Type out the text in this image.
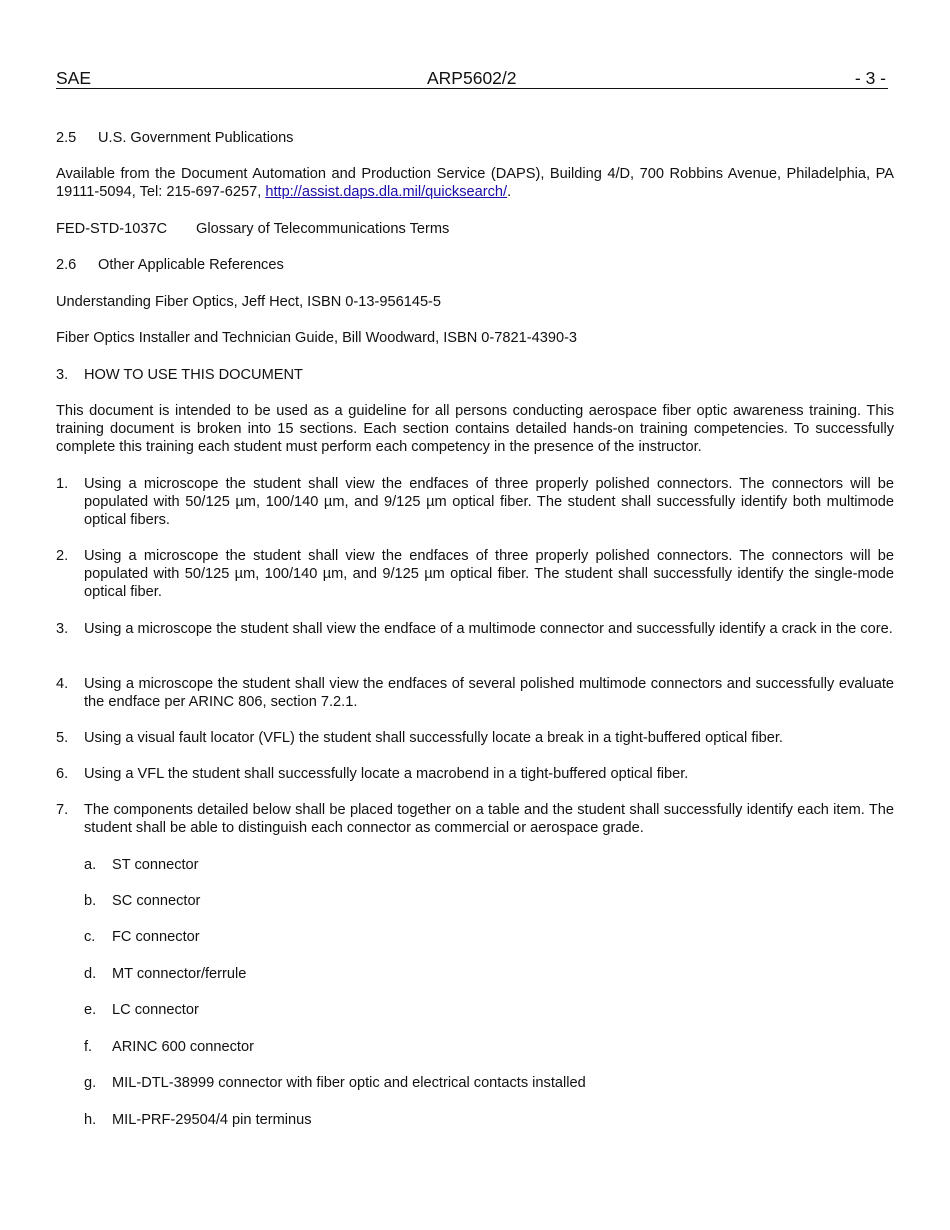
SAE	ARP5602/2	- 3 -
2.5 U.S. Government Publications
Available from the Document Automation and Production Service (DAPS), Building 4/D, 700 Robbins Avenue, Philadelphia, PA 19111-5094, Tel: 215-697-6257, http://assist.daps.dla.mil/quicksearch/.
FED-STD-1037C Glossary of Telecommunications Terms
2.6 Other Applicable References
Understanding Fiber Optics, Jeff Hect, ISBN 0-13-956145-5
Fiber Optics Installer and Technician Guide, Bill Woodward, ISBN 0-7821-4390-3
3. HOW TO USE THIS DOCUMENT
This document is intended to be used as a guideline for all persons conducting aerospace fiber optic awareness training. This training document is broken into 15 sections. Each section contains detailed hands-on training competencies. To successfully complete this training each student must perform each competency in the presence of the instructor.
1. Using a microscope the student shall view the endfaces of three properly polished connectors. The connectors will be populated with 50/125 µm, 100/140 µm, and 9/125 µm optical fiber. The student shall successfully identify both multimode optical fibers.
2. Using a microscope the student shall view the endfaces of three properly polished connectors. The connectors will be populated with 50/125 µm, 100/140 µm, and 9/125 µm optical fiber. The student shall successfully identify the single-mode optical fiber.
3. Using a microscope the student shall view the endface of a multimode connector and successfully identify a crack in the core.
4. Using a microscope the student shall view the endfaces of several polished multimode connectors and successfully evaluate the endface per ARINC 806, section 7.2.1.
5. Using a visual fault locator (VFL) the student shall successfully locate a break in a tight-buffered optical fiber.
6. Using a VFL the student shall successfully locate a macrobend in a tight-buffered optical fiber.
7. The components detailed below shall be placed together on a table and the student shall successfully identify each item. The student shall be able to distinguish each connector as commercial or aerospace grade.
a. ST connector
b. SC connector
c. FC connector
d. MT connector/ferrule
e. LC connector
f. ARINC 600 connector
g. MIL-DTL-38999 connector with fiber optic and electrical contacts installed
h. MIL-PRF-29504/4 pin terminus
